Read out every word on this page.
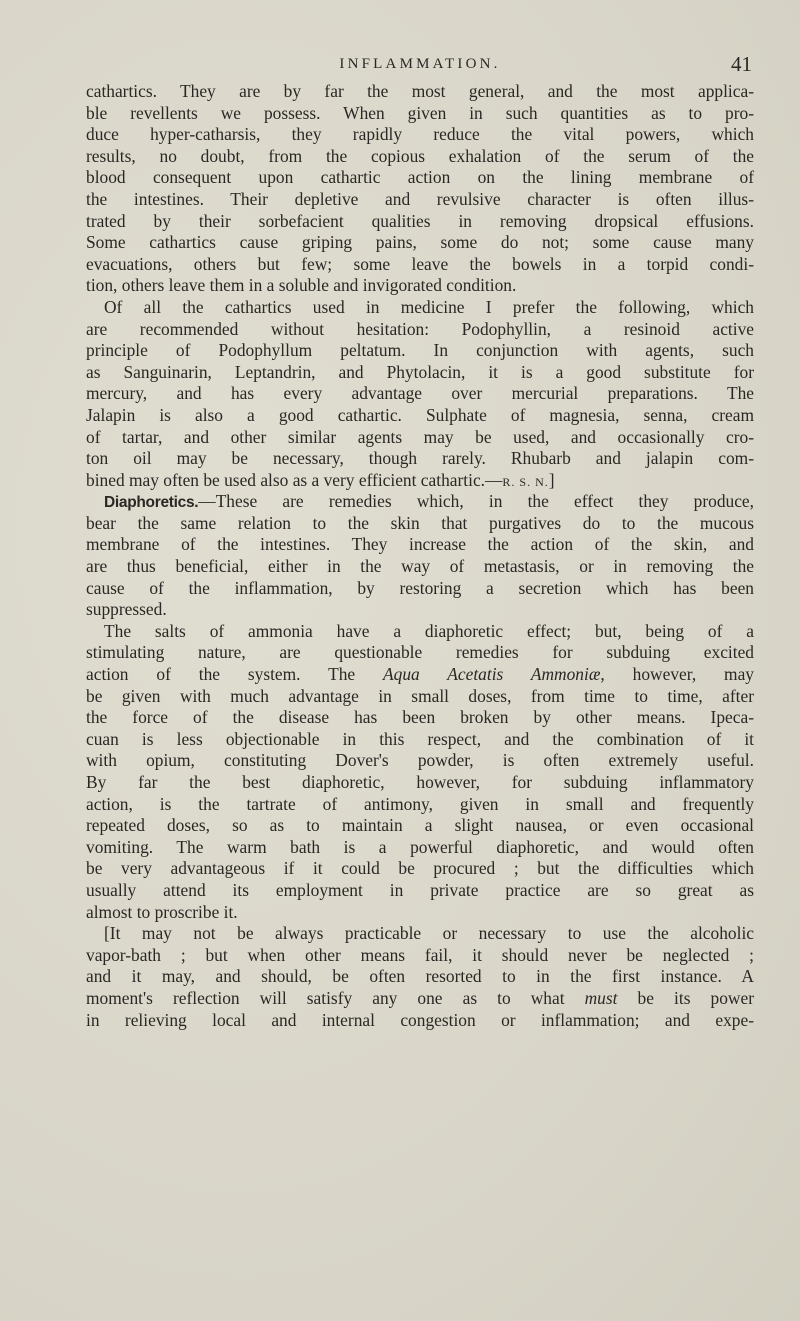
INFLAMMATION.	41
cathartics. They are by far the most general, and the most applica-
ble revellents we possess. When given in such quantities as to pro-
duce hyper-catharsis, they rapidly reduce the vital powers, which
results, no doubt, from the copious exhalation of the serum of the
blood consequent upon cathartic action on the lining membrane of
the intestines. Their depletive and revulsive character is often illus-
trated by their sorbefacient qualities in removing dropsical effusions.
Some cathartics cause griping pains, some do not; some cause many
evacuations, others but few; some leave the bowels in a torpid condi-
tion, others leave them in a soluble and invigorated condition.
Of all the cathartics used in medicine I prefer the following, which
are recommended without hesitation: Podophyllin, a resinoid active
principle of Podophyllum peltatum. In conjunction with agents, such
as Sanguinarin, Leptandrin, and Phytolacin, it is a good substitute for
mercury, and has every advantage over mercurial preparations. The
Jalapin is also a good cathartic. Sulphate of magnesia, senna, cream
of tartar, and other similar agents may be used, and occasionally cro-
ton oil may be necessary, though rarely. Rhubarb and jalapin com-
bined may often be used also as a very efficient cathartic.—R. S. N.]
Diaphoretics.—These are remedies which, in the effect they produce,
bear the same relation to the skin that purgatives do to the mucous
membrane of the intestines. They increase the action of the skin, and
are thus beneficial, either in the way of metastasis, or in removing the
cause of the inflammation, by restoring a secretion which has been
suppressed.
The salts of ammonia have a diaphoretic effect; but, being of a
stimulating nature, are questionable remedies for subduing excited
action of the system. The Aqua Acetatis Ammoniæ, however, may
be given with much advantage in small doses, from time to time, after
the force of the disease has been broken by other means. Ipeca-
cuan is less objectionable in this respect, and the combination of it
with opium, constituting Dover's powder, is often extremely useful.
By far the best diaphoretic, however, for subduing inflammatory
action, is the tartrate of antimony, given in small and frequently
repeated doses, so as to maintain a slight nausea, or even occasional
vomiting. The warm bath is a powerful diaphoretic, and would often
be very advantageous if it could be procured ; but the difficulties which
usually attend its employment in private practice are so great as
almost to proscribe it.
[It may not be always practicable or necessary to use the alcoholic
vapor-bath ; but when other means fail, it should never be neglected ;
and it may, and should, be often resorted to in the first instance. A
moment's reflection will satisfy any one as to what must be its power
in relieving local and internal congestion or inflammation; and expe-
